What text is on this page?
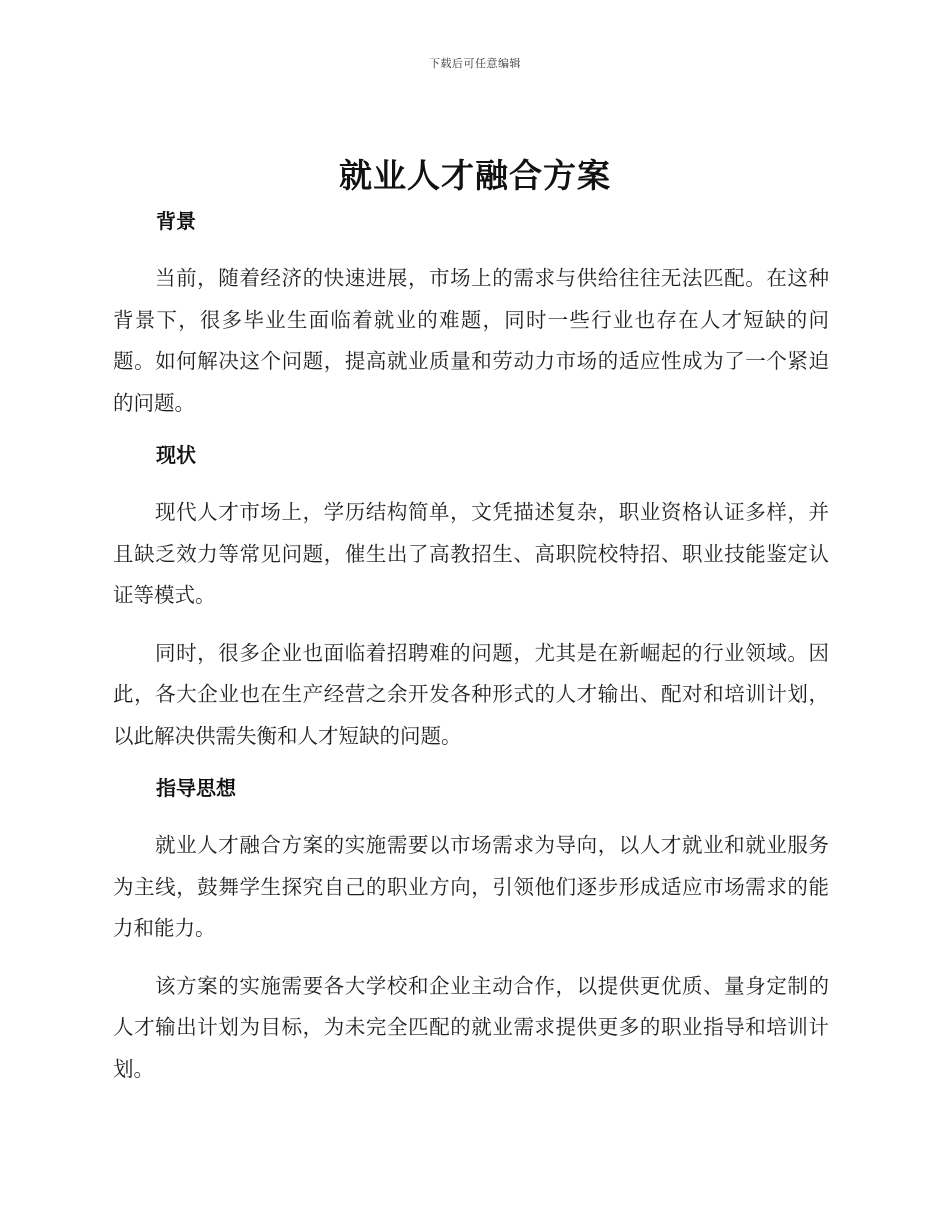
下载后可任意编辑
就业人才融合方案
背景

当前，随着经济的快速进展，市场上的需求与供给往往无法匹配。在这种背景下，很多毕业生面临着就业的难题，同时一些行业也存在人才短缺的问题。如何解决这个问题，提高就业质量和劳动力市场的适应性成为了一个紧迫的问题。

现状

现代人才市场上，学历结构简单，文凭描述复杂，职业资格认证多样，并且缺乏效力等常见问题，催生出了高教招生、高职院校特招、职业技能鉴定认证等模式。

同时，很多企业也面临着招聘难的问题，尤其是在新崛起的行业领域。因此，各大企业也在生产经营之余开发各种形式的人才输出、配对和培训计划，以此解决供需失衡和人才短缺的问题。

指导思想

就业人才融合方案的实施需要以市场需求为导向，以人才就业和就业服务为主线，鼓舞学生探究自己的职业方向，引领他们逐步形成适应市场需求的能力和能力。

该方案的实施需要各大学校和企业主动合作，以提供更优质、量身定制的人才输出计划为目标，为未完全匹配的就业需求提供更多的职业指导和培训计划。
